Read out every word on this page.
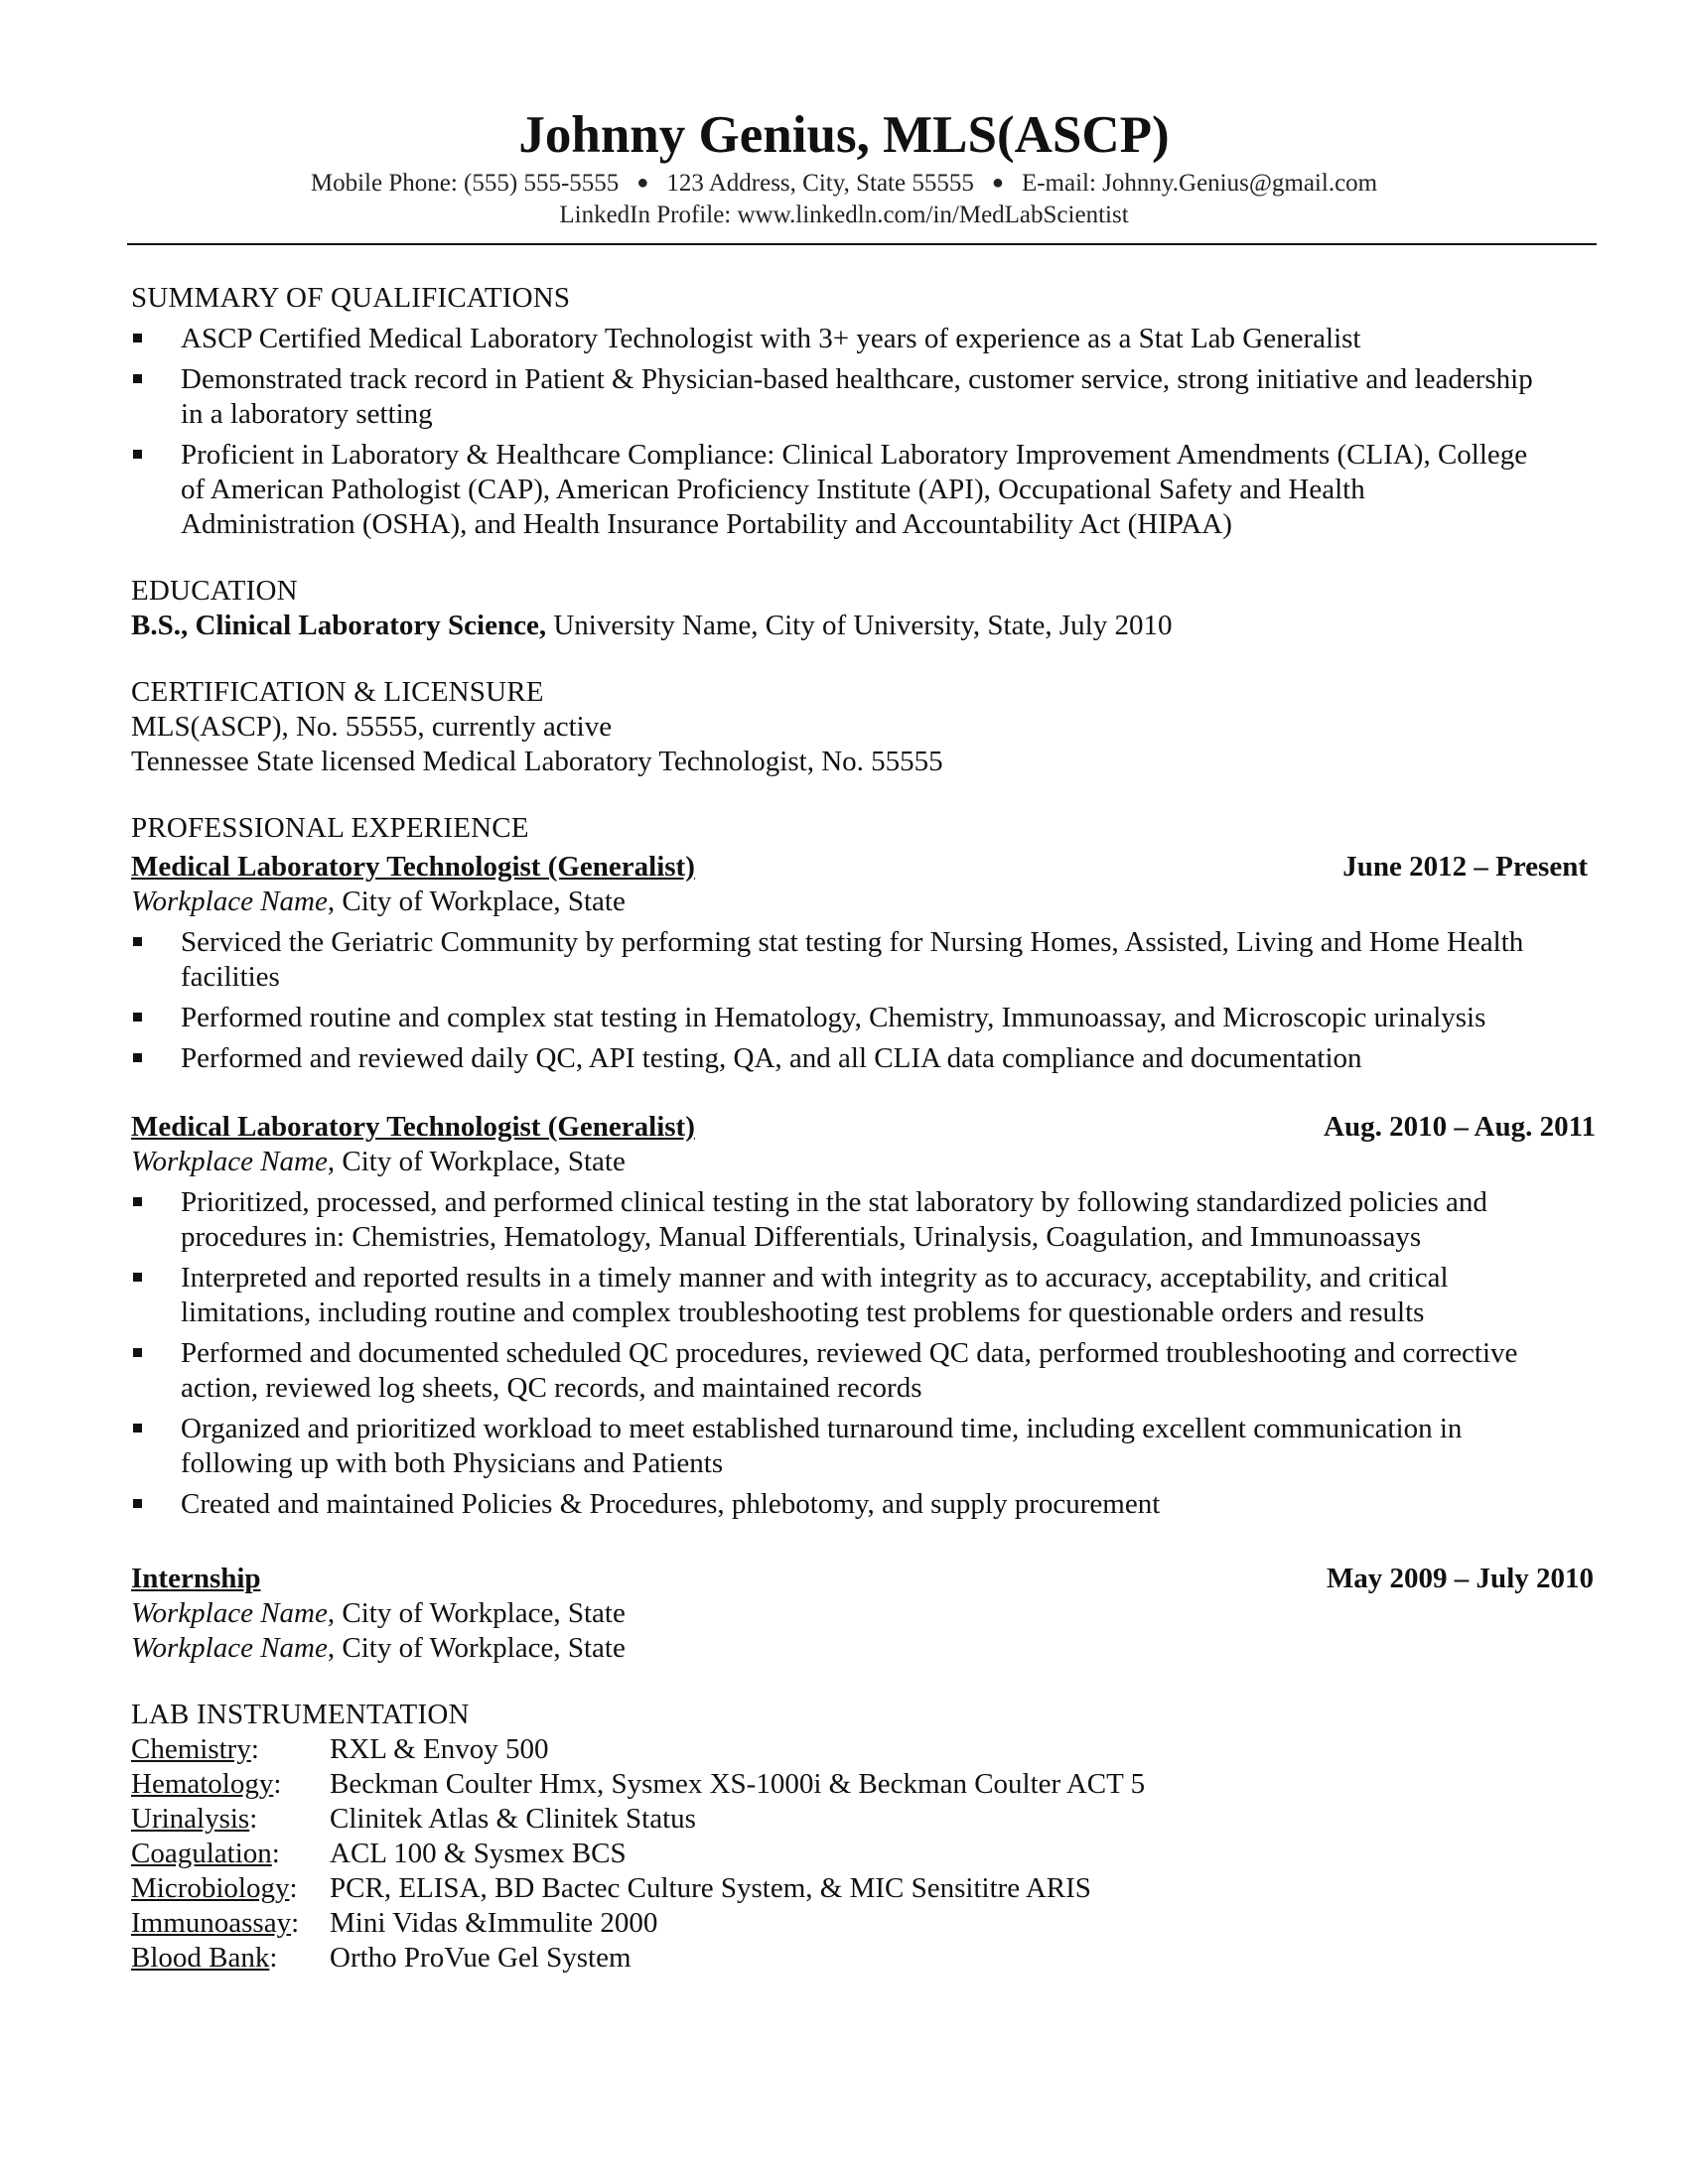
Johnny Genius, MLS(ASCP)
Mobile Phone: (555) 555-5555 ● 123 Address, City, State 55555 ● E-mail: Johnny.Genius@gmail.com
LinkedIn Profile: www.linkedln.com/in/MedLabScientist
SUMMARY OF QUALIFICATIONS
ASCP Certified Medical Laboratory Technologist with 3+ years of experience as a Stat Lab Generalist
Demonstrated track record in Patient & Physician-based healthcare, customer service, strong initiative and leadership in a laboratory setting
Proficient in Laboratory & Healthcare Compliance: Clinical Laboratory Improvement Amendments (CLIA), College of American Pathologist (CAP), American Proficiency Institute (API), Occupational Safety and Health Administration (OSHA), and Health Insurance Portability and Accountability Act (HIPAA)
EDUCATION
B.S., Clinical Laboratory Science, University Name, City of University, State, July 2010
CERTIFICATION & LICENSURE
MLS(ASCP), No. 55555, currently active
Tennessee State licensed Medical Laboratory Technologist, No. 55555
PROFESSIONAL EXPERIENCE
Medical Laboratory Technologist (Generalist)	June 2012 – Present
Workplace Name, City of Workplace, State
Serviced the Geriatric Community by performing stat testing for Nursing Homes, Assisted, Living and Home Health facilities
Performed routine and complex stat testing in Hematology, Chemistry, Immunoassay, and Microscopic urinalysis
Performed and reviewed daily QC, API testing, QA, and all CLIA data compliance and documentation
Medical Laboratory Technologist (Generalist)	Aug. 2010 – Aug. 2011
Workplace Name, City of Workplace, State
Prioritized, processed, and performed clinical testing in the stat laboratory by following standardized policies and procedures in: Chemistries, Hematology, Manual Differentials, Urinalysis, Coagulation, and Immunoassays
Interpreted and reported results in a timely manner and with integrity as to accuracy, acceptability, and critical limitations, including routine and complex troubleshooting test problems for questionable orders and results
Performed and documented scheduled QC procedures, reviewed QC data, performed troubleshooting and corrective action, reviewed log sheets, QC records, and maintained records
Organized and prioritized workload to meet established turnaround time, including excellent communication in following up with both Physicians and Patients
Created and maintained Policies & Procedures, phlebotomy, and supply procurement
Internship	May 2009 – July 2010
Workplace Name, City of Workplace, State
Workplace Name, City of Workplace, State
LAB INSTRUMENTATION
Chemistry:	RXL & Envoy 500
Hematology:	Beckman Coulter Hmx, Sysmex XS-1000i & Beckman Coulter ACT 5
Urinalysis:	Clinitek Atlas & Clinitek Status
Coagulation:	ACL 100 & Sysmex BCS
Microbiology:	PCR, ELISA, BD Bactec Culture System, & MIC Sensititre ARIS
Immunoassay:	Mini Vidas &Immulite 2000
Blood Bank:	Ortho ProVue Gel System
